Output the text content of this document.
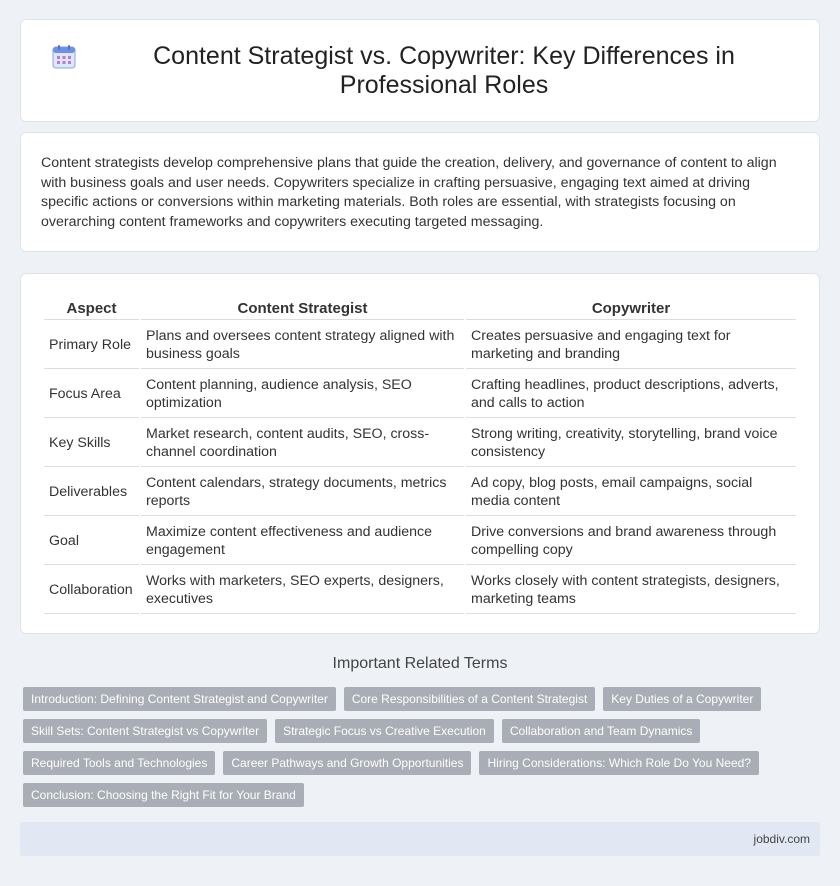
Content Strategist vs. Copywriter: Key Differences in Professional Roles

Content strategists develop comprehensive plans that guide the creation, delivery, and governance of content to align with business goals and user needs. Copywriters specialize in crafting persuasive, engaging text aimed at driving specific actions or conversions within marketing materials. Both roles are essential, with strategists focusing on overarching content frameworks and copywriters executing targeted messaging.

Aspect	Content Strategist	Copywriter
Primary Role	Plans and oversees content strategy aligned with business goals	Creates persuasive and engaging text for marketing and branding
Focus Area	Content planning, audience analysis, SEO optimization	Crafting headlines, product descriptions, adverts, and calls to action
Key Skills	Market research, content audits, SEO, cross-channel coordination	Strong writing, creativity, storytelling, brand voice consistency
Deliverables	Content calendars, strategy documents, metrics reports	Ad copy, blog posts, email campaigns, social media content
Goal	Maximize content effectiveness and audience engagement	Drive conversions and brand awareness through compelling copy
Collaboration	Works with marketers, SEO experts, designers, executives	Works closely with content strategists, designers, marketing teams
Important Related Terms
Introduction: Defining Content Strategist and Copywriter	Core Responsibilities of a Content Strategist	Key Duties of a Copywriter
Skill Sets: Content Strategist vs Copywriter	Strategic Focus vs Creative Execution	Collaboration and Team Dynamics
Required Tools and Technologies	Career Pathways and Growth Opportunities	Hiring Considerations: Which Role Do You Need?
Conclusion: Choosing the Right Fit for Your Brand
jobdiv.com
